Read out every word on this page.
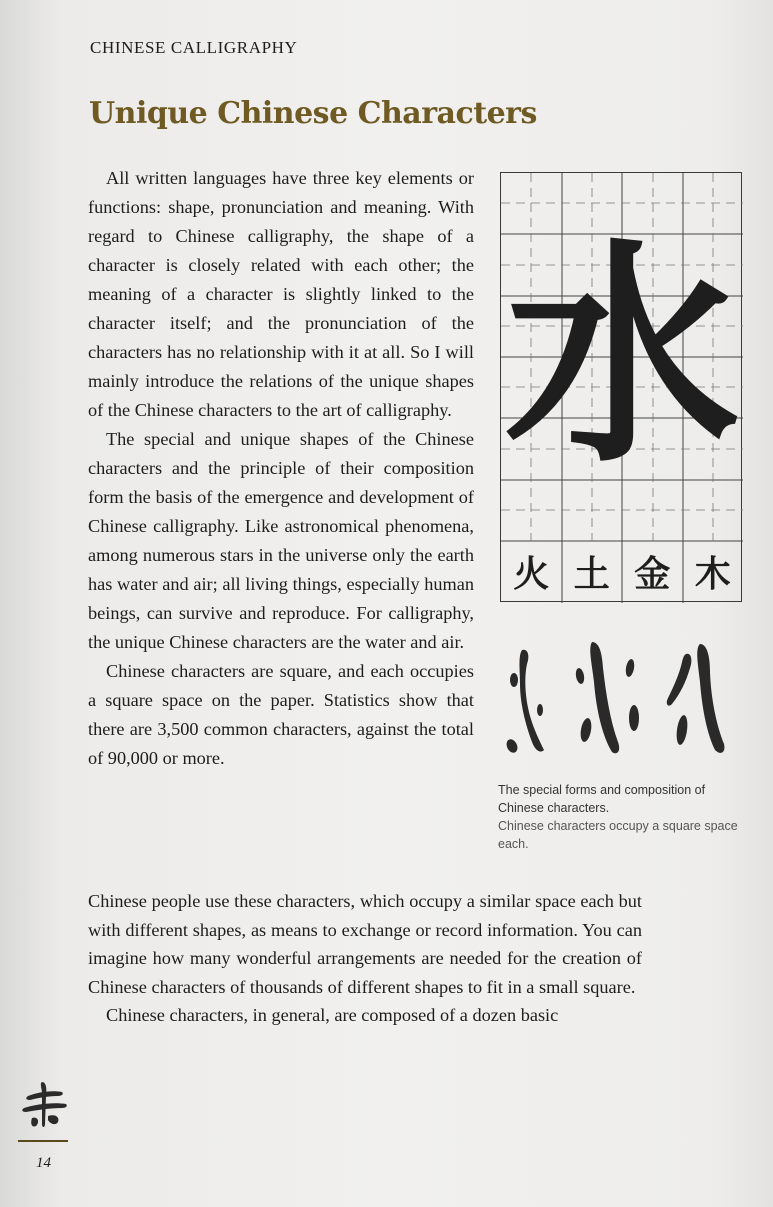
CHINESE CALLIGRAPHY
Unique Chinese Characters

All written languages have three key elements or functions: shape, pronunciation and meaning. With regard to Chinese calligraphy, the shape of a character is closely related with each other; the meaning of a character is slightly linked to the character itself; and the pronunciation of the characters has no relationship with it at all. So I will mainly introduce the relations of the unique shapes of the Chinese characters to the art of calligraphy.

The special and unique shapes of the Chinese characters and the principle of their composition form the basis of the emergence and development of Chinese calligraphy. Like astronomical phenomena, among numerous stars in the universe only the earth has water and air; all living things, especially human beings, can survive and reproduce. For calligraphy, the unique Chinese characters are the water and air.

Chinese characters are square, and each occupies a square space on the paper. Statistics show that there are 3,500 common characters, against the total of 90,000 or more.

Chinese people use these characters, which occupy a similar space each but with different shapes, as means to exchange or record information. You can imagine how many wonderful arrangements are needed for the creation of Chinese characters of thousands of different shapes to fit in a small square.

Chinese characters, in general, are composed of a dozen basic

水
火 土 金 木
The special forms and composition of Chinese characters.
Chinese characters occupy a square space each.
14
